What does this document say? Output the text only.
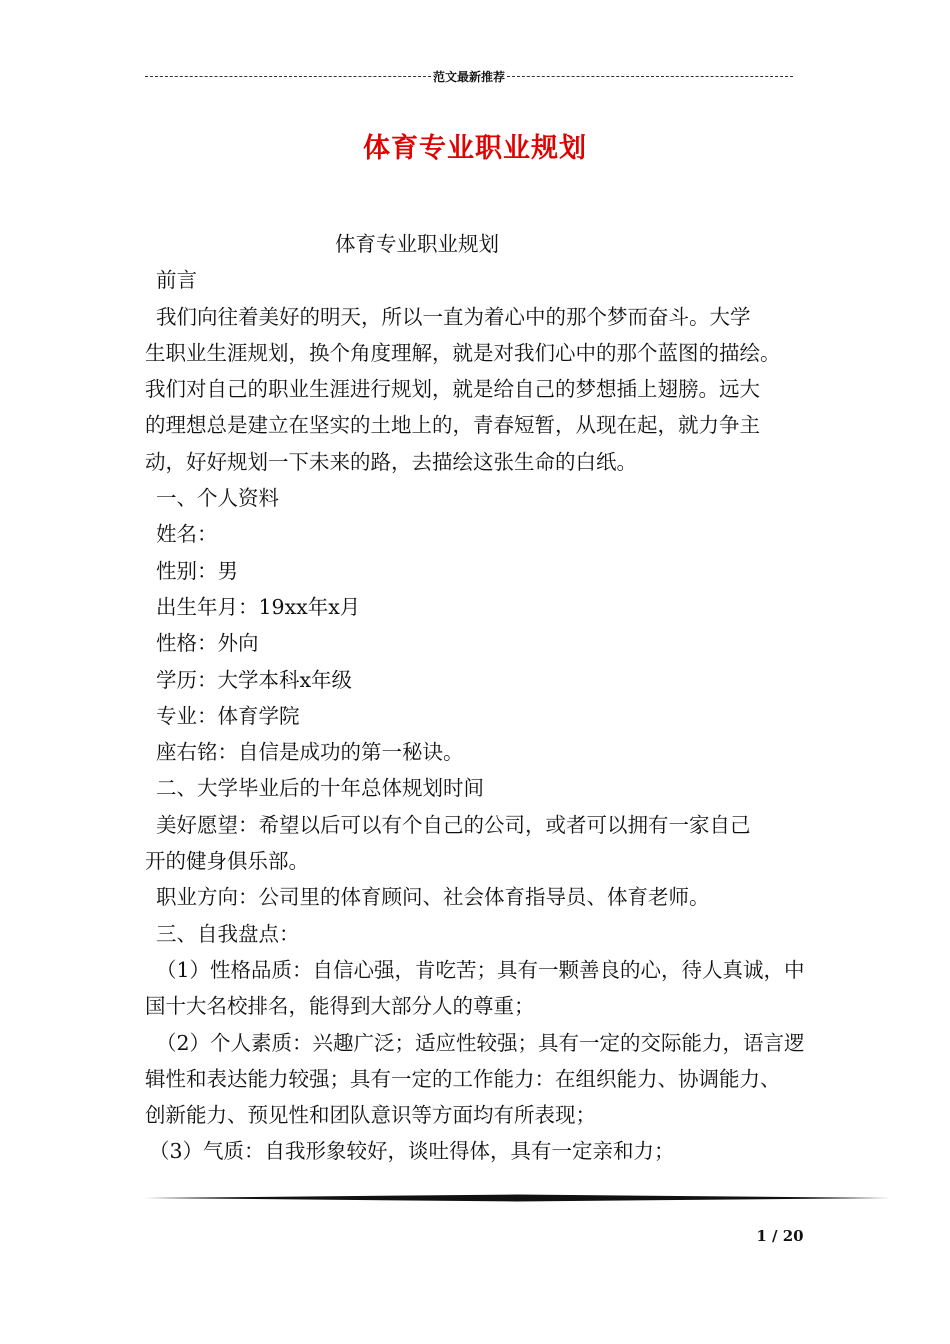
范文最新推荐
体育专业职业规划

体育专业职业规划

前言

我们向往着美好的明天，所以一直为着心中的那个梦而奋斗。大学

生职业生涯规划，换个角度理解，就是对我们心中的那个蓝图的描绘。

我们对自己的职业生涯进行规划，就是给自己的梦想插上翅膀。远大

的理想总是建立在坚实的土地上的，青春短暂，从现在起，就力争主

动，好好规划一下未来的路，去描绘这张生命的白纸。

一、个人资料

姓名：

性别：男

出生年月：19xx年x月

性格：外向

学历：大学本科x年级

专业：体育学院

座右铭：自信是成功的第一秘诀。

二、大学毕业后的十年总体规划时间

美好愿望：希望以后可以有个自己的公司，或者可以拥有一家自己

开的健身俱乐部。

职业方向：公司里的体育顾问、社会体育指导员、体育老师。

三、自我盘点：

（1）性格品质：自信心强，肯吃苦；具有一颗善良的心，待人真诚，中

国十大名校排名，能得到大部分人的尊重；

（2）个人素质：兴趣广泛；适应性较强；具有一定的交际能力，语言逻

辑性和表达能力较强；具有一定的工作能力：在组织能力、协调能力、

创新能力、预见性和团队意识等方面均有所表现；

（3）气质：自我形象较好，谈吐得体，具有一定亲和力；

1 / 20
